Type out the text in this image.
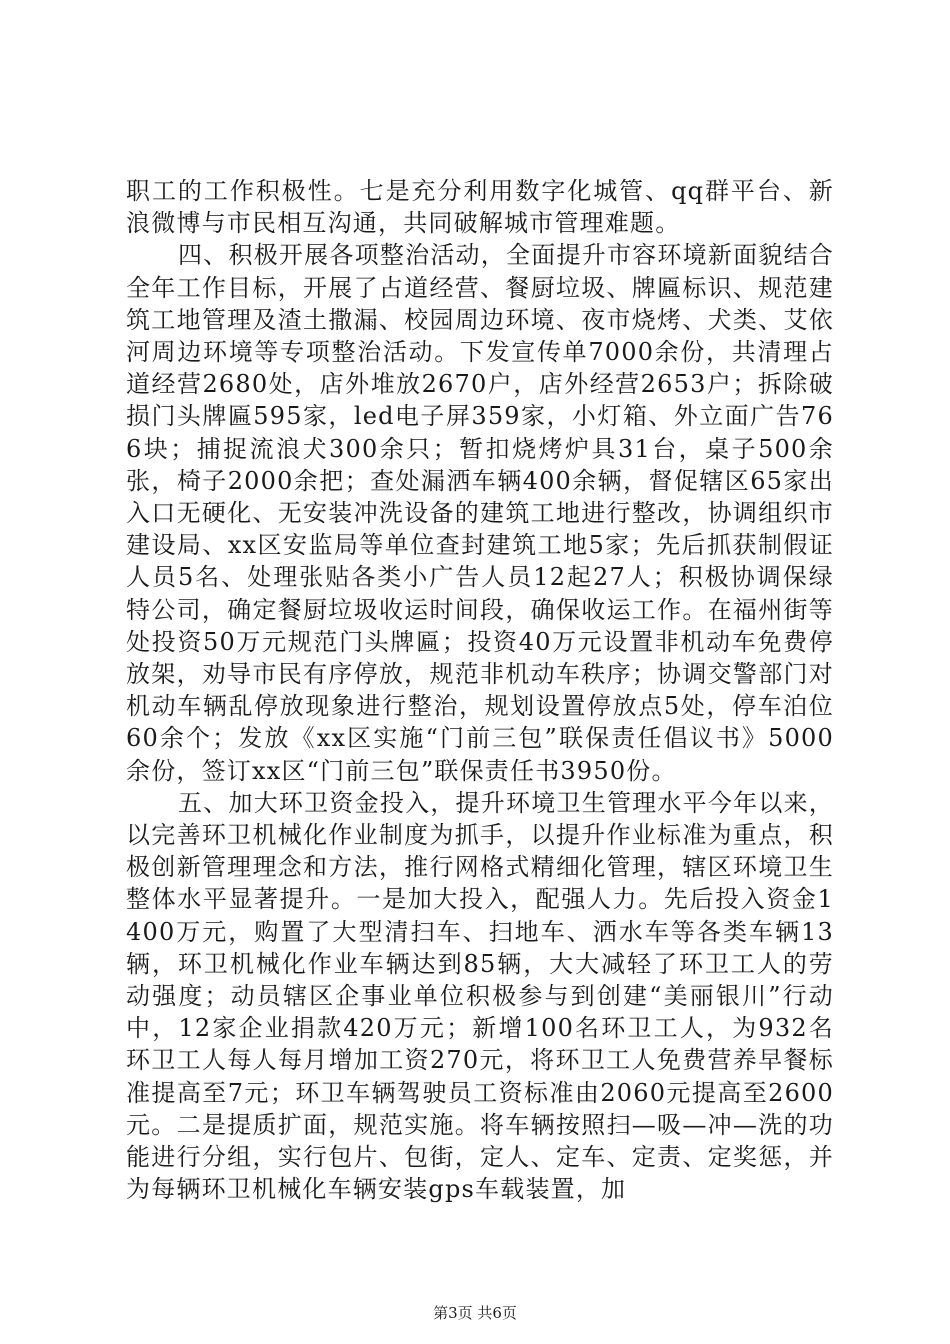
职工的工作积极性。七是充分利用数字化城管、qq群平台、新浪微博与市民相互沟通，共同破解城市管理难题。

四、积极开展各项整治活动，全面提升市容环境新面貌结合全年工作目标，开展了占道经营、餐厨垃圾、牌匾标识、规范建筑工地管理及渣土撒漏、校园周边环境、夜市烧烤、犬类、艾依河周边环境等专项整治活动。下发宣传单7000余份，共清理占道经营2680处，店外堆放2670户，店外经营2653户；拆除破损门头牌匾595家，led电子屏359家，小灯箱、外立面广告766块；捕捉流浪犬300余只；暂扣烧烤炉具31台，桌子500余张，椅子2000余把；查处漏洒车辆400余辆，督促辖区65家出入口无硬化、无安装冲洗设备的建筑工地进行整改，协调组织市建设局、xx区安监局等单位查封建筑工地5家；先后抓获制假证人员5名、处理张贴各类小广告人员12起27人；积极协调保绿特公司，确定餐厨垃圾收运时间段，确保收运工作。在福州街等处投资50万元规范门头牌匾；投资40万元设置非机动车免费停放架，劝导市民有序停放，规范非机动车秩序；协调交警部门对机动车辆乱停放现象进行整治，规划设置停放点5处，停车泊位60余个；发放《xx区实施“门前三包”联保责任倡议书》5000余份，签订xx区“门前三包”联保责任书3950份。

五、加大环卫资金投入，提升环境卫生管理水平今年以来，以完善环卫机械化作业制度为抓手，以提升作业标准为重点，积极创新管理理念和方法，推行网格式精细化管理，辖区环境卫生整体水平显著提升。一是加大投入，配强人力。先后投入资金1400万元，购置了大型清扫车、扫地车、洒水车等各类车辆13辆，环卫机械化作业车辆达到85辆，大大减轻了环卫工人的劳动强度；动员辖区企事业单位积极参与到创建“美丽银川”行动中，12家企业捐款420万元；新增100名环卫工人，为932名环卫工人每人每月增加工资270元，将环卫工人免费营养早餐标准提高至7元；环卫车辆驾驶员工资标准由2060元提高至2600元。二是提质扩面，规范实施。将车辆按照扫—吸—冲—洗的功能进行分组，实行包片、包街，定人、定车、定责、定奖惩，并为每辆环卫机械化车辆安装gps车载装置，加

第3页 共6页
